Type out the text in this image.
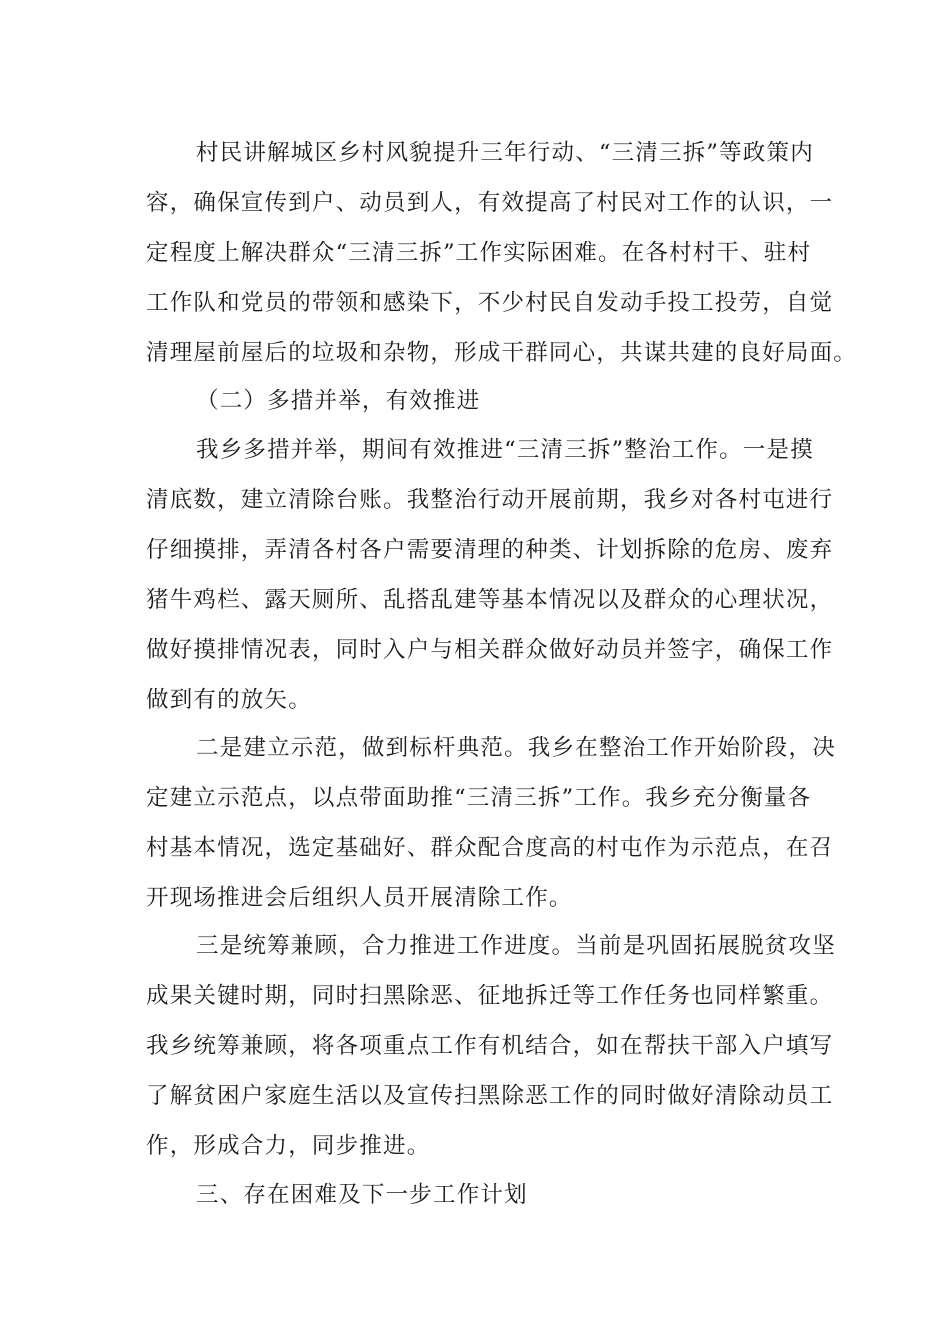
村民讲解城区乡村风貌提升三年行动、“三清三拆”等政策内
容，确保宣传到户、动员到人，有效提高了村民对工作的认识，一
定程度上解决群众“三清三拆”工作实际困难。在各村村干、驻村
工作队和党员的带领和感染下，不少村民自发动手投工投劳，自觉
清理屋前屋后的垃圾和杂物，形成干群同心，共谋共建的良好局面。
（二）多措并举，有效推进
我乡多措并举，期间有效推进“三清三拆”整治工作。一是摸
清底数，建立清除台账。我整治行动开展前期，我乡对各村屯进行
仔细摸排，弄清各村各户需要清理的种类、计划拆除的危房、废弃
猪牛鸡栏、露天厕所、乱搭乱建等基本情况以及群众的心理状况，
做好摸排情况表，同时入户与相关群众做好动员并签字，确保工作
做到有的放矢。
二是建立示范，做到标杆典范。我乡在整治工作开始阶段，决
定建立示范点，以点带面助推“三清三拆”工作。我乡充分衡量各
村基本情况，选定基础好、群众配合度高的村屯作为示范点，在召
开现场推进会后组织人员开展清除工作。
三是统筹兼顾，合力推进工作进度。当前是巩固拓展脱贫攻坚
成果关键时期，同时扫黑除恶、征地拆迁等工作任务也同样繁重。
我乡统筹兼顾，将各项重点工作有机结合，如在帮扶干部入户填写
了解贫困户家庭生活以及宣传扫黑除恶工作的同时做好清除动员工
作，形成合力，同步推进。
三、存在困难及下一步工作计划
